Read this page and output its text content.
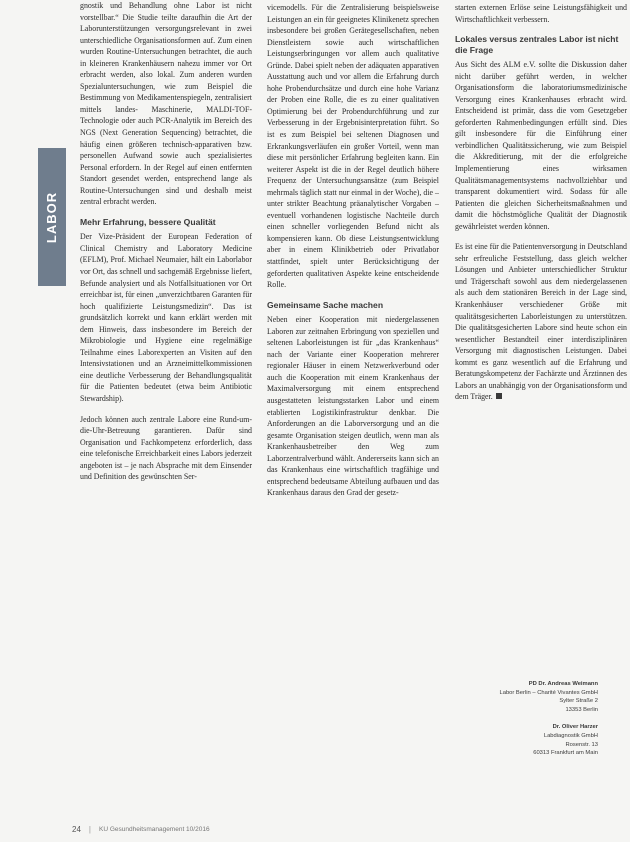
LABOR

gnostik und Behandlung ohne Labor ist nicht vorstellbar.“ Die Studie teilte daraufhin die Art der Laborunterstützungen versorgungsrelevant in zwei unterschiedliche Organisationsformen auf. Zum einen wurden Routine-Untersuchungen betrachtet, die auch in kleineren Krankenhäusern nahezu immer vor Ort erbracht werden, also lokal. Zum anderen wurden Spezialuntersuchungen, wie zum Beispiel die Bestimmung von Medikamentenspiegeln, zentralisiert mittels landes- Maschinerie, MALDI-TOF-Technologie oder auch PCR-Analytik im Bereich des NGS (Next Generation Sequencing) betrachtet, die häufig einen größeren technisch-apparativen bzw. personellen Aufwand sowie auch spezialisiertes Personal erfordern. In der Regel auf einen entfernten Standort gesendet werden, entsprechend lange als Routine-Untersuchungen sind und deshalb meist zentral erbracht werden.

Mehr Erfahrung, bessere Qualität

Der Vize-Präsident der European Federation of Clinical Chemistry and Laboratory Medicine (EFLM), Prof. Michael Neumaier, hält ein Laborlabor vor Ort, das schnell und sachgemäß Ergebnisse liefert, Befunde analysiert und als Notfallsituationen vor Ort erreichbar ist, für einen „unverzichtbaren Garanten für hoch qualifizierte Leistungsmedizin“. Das ist grundsätzlich korrekt und kann erklärt werden mit dem Hinweis, dass insbesondere im Bereich der Mikrobiologie und Hygiene eine regelmäßige Teilnahme eines Laborexperten an Visiten auf den Intensivstationen und an Arzneimittelkommissionen eine deutliche Verbesserung der Behandlungsqualität für die Patienten bedeutet (etwa beim Antibiotic Stewardship).

Jedoch können auch zentrale Labore eine Rund-um-die-Uhr-Betreuung garantieren. Dafür sind Organisation und Fachkompetenz erforderlich, dass eine telefonische Erreichbarkeit eines Labors jederzeit angeboten ist – je nach Absprache mit dem Einsender und Definition des gewünschten Ser-

vicemodells. Für die Zentralisierung beispielsweise Leistungen an ein für geeignetes Klinikenetz sprechen insbesondere bei großen Gerätegesellschaften, neben Dienstleistern sowie auch wirtschaftlichen Leistungserbringungen vor allem auch qualitative Gründe. Dabei spielt neben der adäquaten apparativen Ausstattung auch und vor allem die Erfahrung durch hohe Probendurchsätze und durch eine hohe Varianz der Proben eine Rolle, die es zu einer qualitativen Optimierung bei der Probendurchführung und zur Verbesserung in der Ergebnisinterpretation führt. So ist es zum Beispiel bei seltenen Diagnosen und Erkrankungsverläufen ein großer Vorteil, wenn man diese mit persönlicher Erfahrung begleiten kann. Ein weiterer Aspekt ist die in der Regel deutlich höhere Frequenz der Untersuchungsansätze (zum Beispiel mehrmals täglich statt nur einmal in der Woche), die – unter strikter Beachtung präanalytischer Vorgaben – eventuell vorhandenen logistische Nachteile durch einen schneller vorliegenden Befund nicht als kompensieren kann. Ob diese Leistungsentwicklung aber in einem Klinikbetrieb oder Privatlabor stattfindet, spielt unter Berücksichtigung der geforderten qualitativen Aspekte keine entscheidende Rolle.

Gemeinsame Sache machen

Neben einer Kooperation mit niedergelassenen Laboren zur zeitnahen Erbringung von speziellen und seltenen Laborleistungen ist für „das Krankenhaus“ nach der Variante einer Kooperation mehrerer regionaler Häuser in einem Netzwerkverbund oder auch die Kooperation mit einem Krankenhaus der Maximalversorgung mit einem entsprechend ausgestatteten leistungsstarken Labor und einem etablierten Logistikinfrastruktur denkbar. Die Anforderungen an die Laborversorgung und an die gesamte Organisation steigen deutlich, wenn man als Krankenhausbetreiber den Weg zum Laborzentralverbund wählt. Andererseits kann sich an das Krankenhaus eine wirtschaftlich tragfähige und entsprechend bedeutsame Abteilung aufbauen und das Krankenhaus daraus den Grad der gesetz-

starten externen Erlöse seine Leistungsfähigkeit und Wirtschaftlichkeit verbessern.

Lokales versus zentrales Labor ist nicht die Frage

Aus Sicht des ALM e.V. sollte die Diskussion daher nicht darüber geführt werden, in welcher Organisationsform die laboratoriumsmedizinische Versorgung eines Krankenhauses erbracht wird. Entscheidend ist primär, dass die vom Gesetzgeber geforderten Rahmenbedingungen erfüllt sind. Dies gilt insbesondere für die Einführung einer verbindlichen Qualitätssicherung, wie zum Beispiel die Akkreditierung, mit der die erfolgreiche Implementierung eines wirksamen Qualitätsmanagementsystems nachvollziehbar und transparent dokumentiert wird. Sodass für alle Patienten die gleichen Sicherheitsmaßnahmen und damit die höchstmögliche Qualität der Diagnostik gewährleistet werden können.

Es ist eine für die Patientenversorgung in Deutschland sehr erfreuliche Feststellung, dass gleich welcher Lösungen und Anbieter unterschiedlicher Struktur und Trägerschaft sowohl aus dem niedergelassenen als auch dem stationären Bereich in der Lage sind, Krankenhäuser verschiedener Größe mit qualitätsgesicherten Laborleistungen zu unterstützen. Die qualitätsgesicherten Labore sind heute schon ein wesentlicher Bestandteil einer interdisziplinären Versorgung mit diagnostischen Leistungen. Dabei kommt es ganz wesentlich auf die Erfahrung und Beratungskompetenz der Fachärzte und Ärztinnen des Labors an unabhängig von der Organisationsform und dem Träger.

PD Dr. Andreas Weimann
Labor Berlin – Charité Vivantes GmbH
Sylter Straße 2
13353 Berlin
Dr. Oliver Harzer
Labdiagnostik GmbH
Rosenstr. 13
60313 Frankfurt am Main
24 | KU Gesundheitsmanagement 10/2016
